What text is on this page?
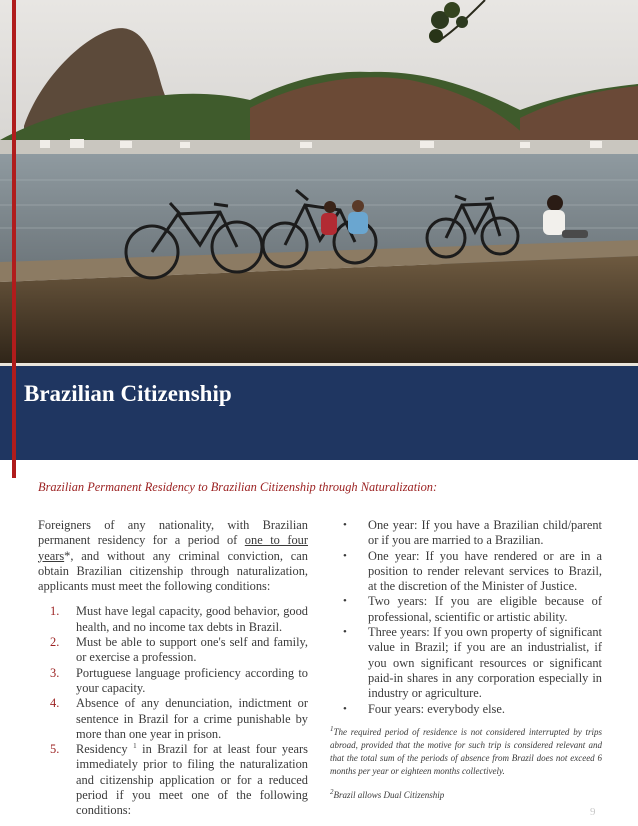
Brazilian Citizenship

Brazilian Permanent Residency to Brazilian Citizenship through Naturalization:

Foreigners of any nationality, with Brazilian permanent residency for a period of one to four years*, and without any criminal conviction, can obtain Brazilian citizenship through naturalization, applicants must meet the following conditions:

1. Must have legal capacity, good behavior, good health, and no income tax debts in Brazil.
2. Must be able to support one's self and family, or exercise a profession.
3. Portuguese language proficiency according to your capacity.
4. Absence of any denunciation, indictment or sentence in Brazil for a crime punishable by more than one year in prison.
5. Residency $^1$ in Brazil for at least four years immediately prior to filing the naturalization and citizenship application or for a reduced period if you meet one of the following conditions:
• One year: If you have a Brazilian child/parent or if you are married to a Brazilian.
• One year: If you have rendered or are in a position to render relevant services to Brazil, at the discretion of the Minister of Justice.
• Two years: If you are eligible because of professional, scientific or artistic ability.
• Three years: If you own property of significant value in Brazil; if you are an industrialist, if you own significant resources or significant paid-in shares in any corporation especially in industry or agriculture.
• Four years: everybody else.

$^1$The required period of residence is not considered interrupted by trips abroad, provided that the motive for such trip is considered relevant and that the total sum of the periods of absence from Brazil does not exceed 6 months per year or eighteen months collectively.

$^2$Brazil allows Dual Citizenship

9
